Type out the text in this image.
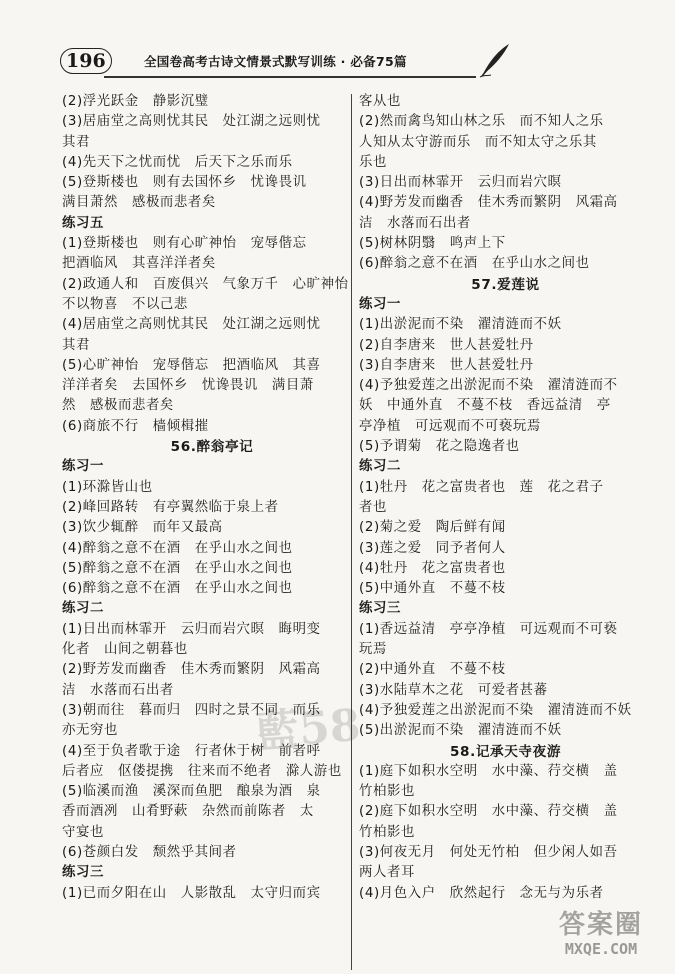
196	全国卷高考古诗文情景式默写训练 · 必备75篇
(2)浮光跃金　静影沉璧
(3)居庙堂之高则忧其民　处江湖之远则忧
其君
(4)先天下之忧而忧　后天下之乐而乐
(5)登斯楼也　则有去国怀乡　忧谗畏讥
满目萧然　感极而悲者矣
练习五
(1)登斯楼也　则有心旷神怡　宠辱偕忘
把酒临风　其喜洋洋者矣
(2)政通人和　百废俱兴　气象万千　心旷神怡
不以物喜　不以己悲
(4)居庙堂之高则忧其民　处江湖之远则忧
其君
(5)心旷神怡　宠辱偕忘　把酒临风　其喜
洋洋者矣　去国怀乡　忧谗畏讥　满目萧
然　感极而悲者矣
(6)商旅不行　樯倾楫摧
56.醉翁亭记
练习一
(1)环滁皆山也
(2)峰回路转　有亭翼然临于泉上者
(3)饮少辄醉　而年又最高
(4)醉翁之意不在酒　在乎山水之间也
(5)醉翁之意不在酒　在乎山水之间也
(6)醉翁之意不在酒　在乎山水之间也
练习二
(1)日出而林霏开　云归而岩穴暝　晦明变
化者　山间之朝暮也
(2)野芳发而幽香　佳木秀而繁阴　风霜高
洁　水落而石出者
(3)朝而往　暮而归　四时之景不同　而乐
亦无穷也
(4)至于负者歌于途　行者休于树　前者呼
后者应　伛偻提携　往来而不绝者　滁人游也
(5)临溪而渔　溪深而鱼肥　酿泉为酒　泉
香而酒冽　山肴野蔌　杂然而前陈者　太
守宴也
(6)苍颜白发　颓然乎其间者
练习三
(1)已而夕阳在山　人影散乱　太守归而宾
客从也
(2)然而禽鸟知山林之乐　而不知人之乐
人知从太守游而乐　而不知太守之乐其
乐也
(3)日出而林霏开　云归而岩穴暝
(4)野芳发而幽香　佳木秀而繁阴　风霜高
洁　水落而石出者
(5)树林阴翳　鸣声上下
(6)醉翁之意不在酒　在乎山水之间也
57.爱莲说
练习一
(1)出淤泥而不染　濯清涟而不妖
(2)自李唐来　世人甚爱牡丹
(3)自李唐来　世人甚爱牡丹
(4)予独爱莲之出淤泥而不染　濯清涟而不
妖　中通外直　不蔓不枝　香远益清　亭
亭净植　可远观而不可亵玩焉
(5)予谓菊　花之隐逸者也
练习二
(1)牡丹　花之富贵者也　莲　花之君子
者也
(2)菊之爱　陶后鲜有闻
(3)莲之爱　同予者何人
(4)牡丹　花之富贵者也
(5)中通外直　不蔓不枝
练习三
(1)香远益清　亭亭净植　可远观而不可亵
玩焉
(2)中通外直　不蔓不枝
(3)水陆草木之花　可爱者甚蕃
(4)予独爱莲之出淤泥而不染　濯清涟而不妖
(5)出淤泥而不染　濯清涟而不妖
58.记承天寺夜游
(1)庭下如积水空明　水中藻、荇交横　盖
竹柏影也
(2)庭下如积水空明　水中藻、荇交横　盖
竹柏影也
(3)何夜无月　何处无竹柏　但少闲人如吾
两人者耳
(4)月色入户　欣然起行　念无与为乐者
藍58
答案圈
MXQE.COM
